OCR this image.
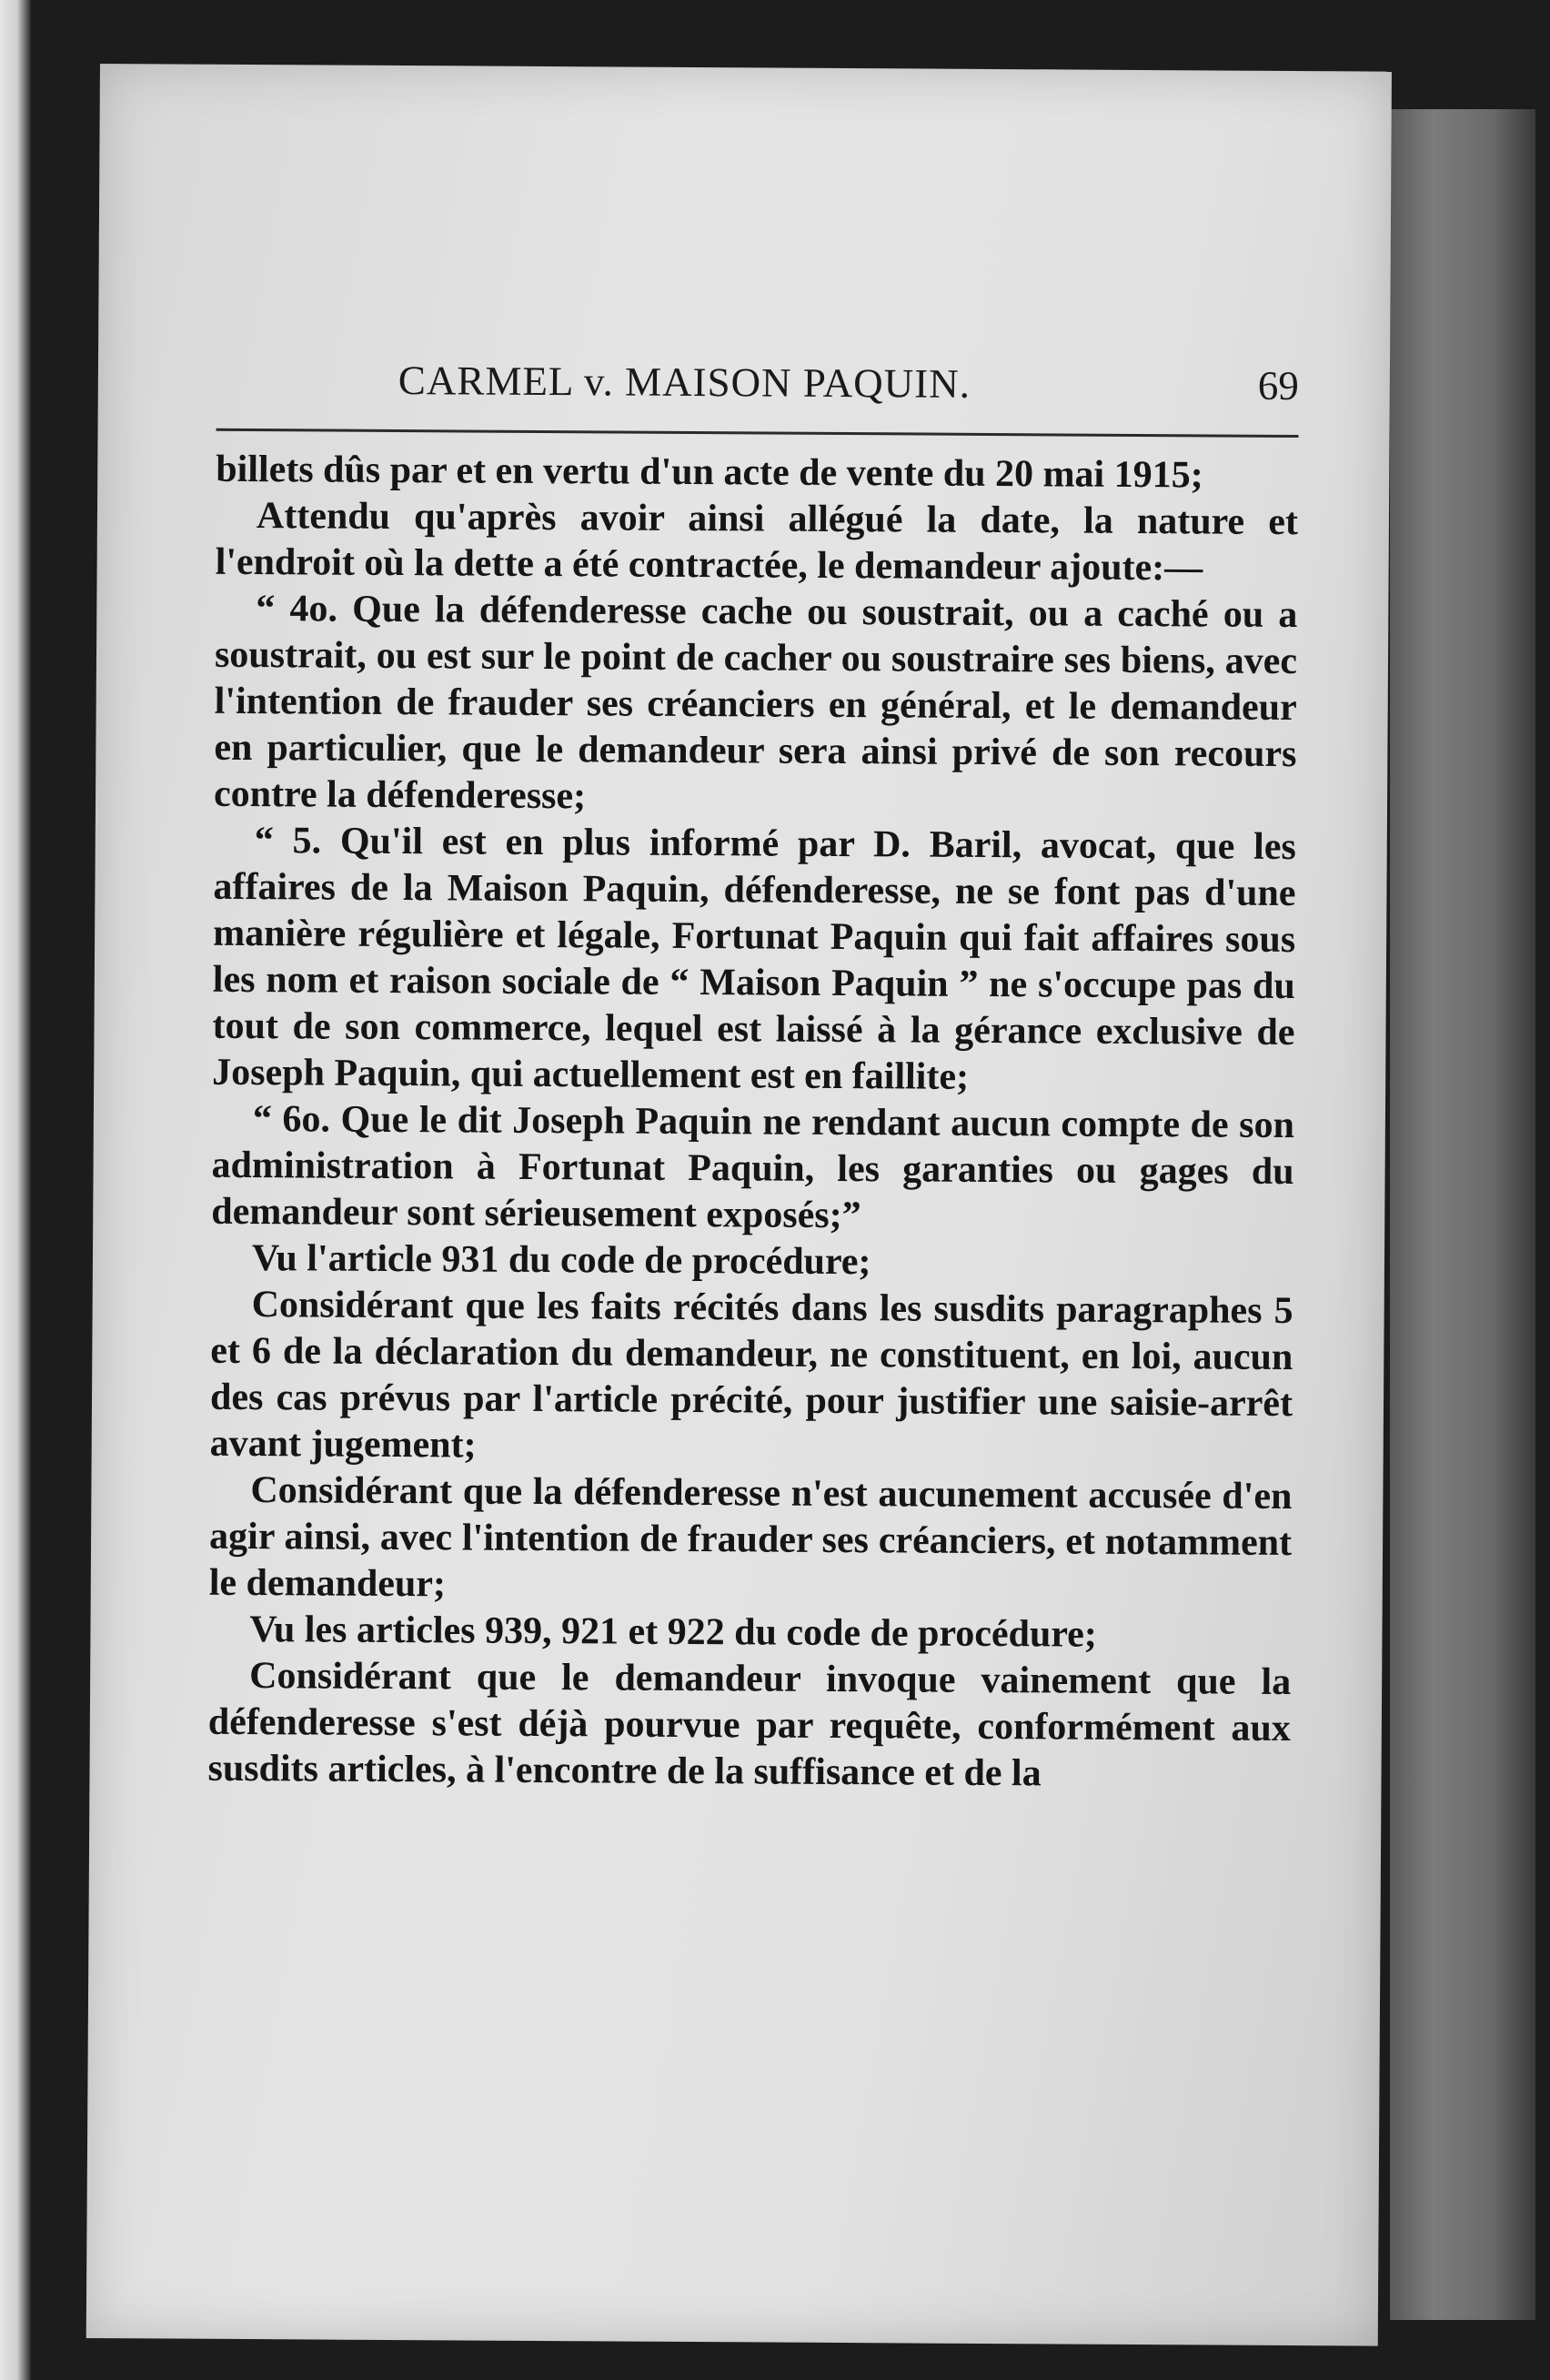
CARMEL v. MAISON PAQUIN.	69

billets dûs par et en vertu d'un acte de vente du 20 mai 1915;

Attendu qu'après avoir ainsi allégué la date, la nature et l'endroit où la dette a été contractée, le demandeur ajoute:—

“ 4o. Que la défenderesse cache ou soustrait, ou a caché ou a soustrait, ou est sur le point de cacher ou soustraire ses biens, avec l'intention de frauder ses créanciers en général, et le demandeur en particulier, que le demandeur sera ainsi privé de son recours contre la défenderesse;

“ 5. Qu'il est en plus informé par D. Baril, avocat, que les affaires de la Maison Paquin, défenderesse, ne se font pas d'une manière régulière et légale, Fortunat Paquin qui fait affaires sous les nom et raison sociale de “ Maison Paquin ” ne s'occupe pas du tout de son commerce, lequel est laissé à la gérance exclusive de Joseph Paquin, qui actuellement est en faillite;

“ 6o. Que le dit Joseph Paquin ne rendant aucun compte de son administration à Fortunat Paquin, les garanties ou gages du demandeur sont sérieusement exposés;”

Vu l'article 931 du code de procédure;

Considérant que les faits récités dans les susdits paragraphes 5 et 6 de la déclaration du demandeur, ne constituent, en loi, aucun des cas prévus par l'article précité, pour justifier une saisie-arrêt avant jugement;

Considérant que la défenderesse n'est aucunement accusée d'en agir ainsi, avec l'intention de frauder ses créanciers, et notamment le demandeur;

Vu les articles 939, 921 et 922 du code de procédure;

Considérant que le demandeur invoque vainement que la défenderesse s'est déjà pourvue par requête, conformément aux susdits articles, à l'encontre de la suffisance et de la
